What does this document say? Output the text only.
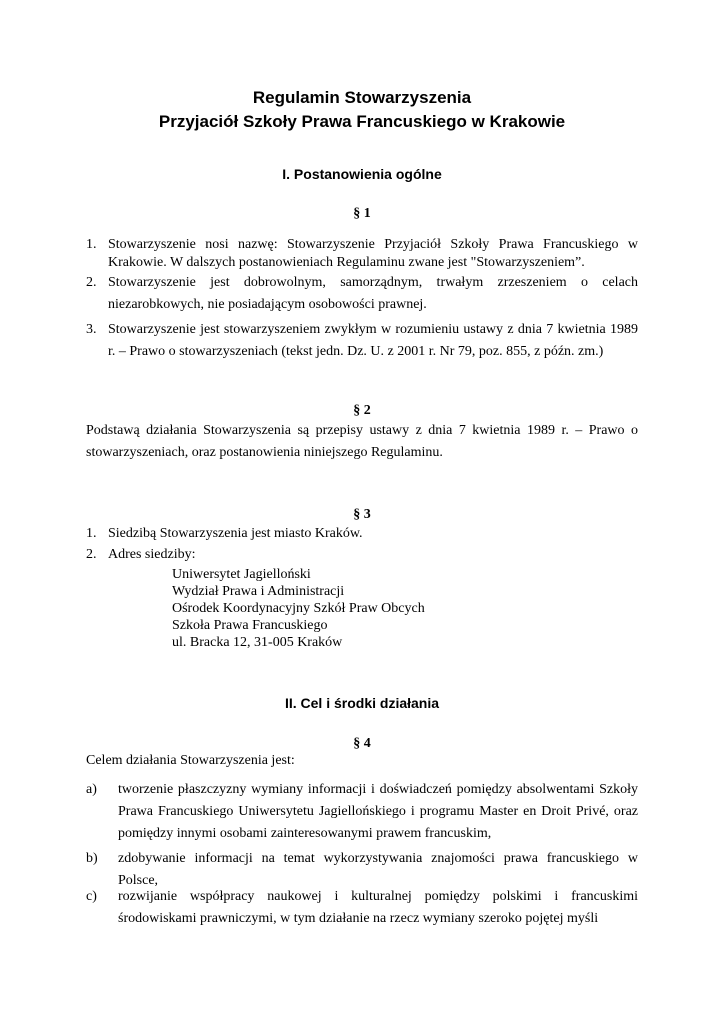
Regulamin Stowarzyszenia
Przyjaciół Szkoły Prawa Francuskiego w Krakowie
I. Postanowienia ogólne
§ 1
1. Stowarzyszenie nosi nazwę: Stowarzyszenie Przyjaciół Szkoły Prawa Francuskiego w Krakowie. W dalszych postanowieniach Regulaminu zwane jest "Stowarzyszeniem”.
2. Stowarzyszenie jest dobrowolnym, samorządnym, trwałym zrzeszeniem o celach niezarobkowych, nie posiadającym osobowości prawnej.
3. Stowarzyszenie jest stowarzyszeniem zwykłym w rozumieniu ustawy z dnia 7 kwietnia 1989 r. – Prawo o stowarzyszeniach (tekst jedn. Dz. U. z 2001 r. Nr 79, poz. 855, z późn. zm.)
§ 2
Podstawą działania Stowarzyszenia są przepisy ustawy z dnia 7 kwietnia 1989 r. – Prawo o stowarzyszeniach, oraz postanowienia niniejszego Regulaminu.
§ 3
1. Siedzibą Stowarzyszenia jest miasto Kraków.
2. Adres siedziby:
Uniwersytet Jagielloński
Wydział Prawa i Administracji
Ośrodek Koordynacyjny Szkół Praw Obcych
Szkoła Prawa Francuskiego
ul. Bracka 12, 31-005 Kraków
II. Cel i środki działania
§ 4
Celem działania Stowarzyszenia jest:
a) tworzenie płaszczyzny wymiany informacji i doświadczeń pomiędzy absolwentami Szkoły Prawa Francuskiego Uniwersytetu Jagiellońskiego i programu Master en Droit Privé, oraz pomiędzy innymi osobami zainteresowanymi prawem francuskim,
b) zdobywanie informacji na temat wykorzystywania znajomości prawa francuskiego w Polsce,
c) rozwijanie współpracy naukowej i kulturalnej pomiędzy polskimi i francuskimi środowiskami prawniczymi, w tym działanie na rzecz wymiany szeroko pojętej myśli
